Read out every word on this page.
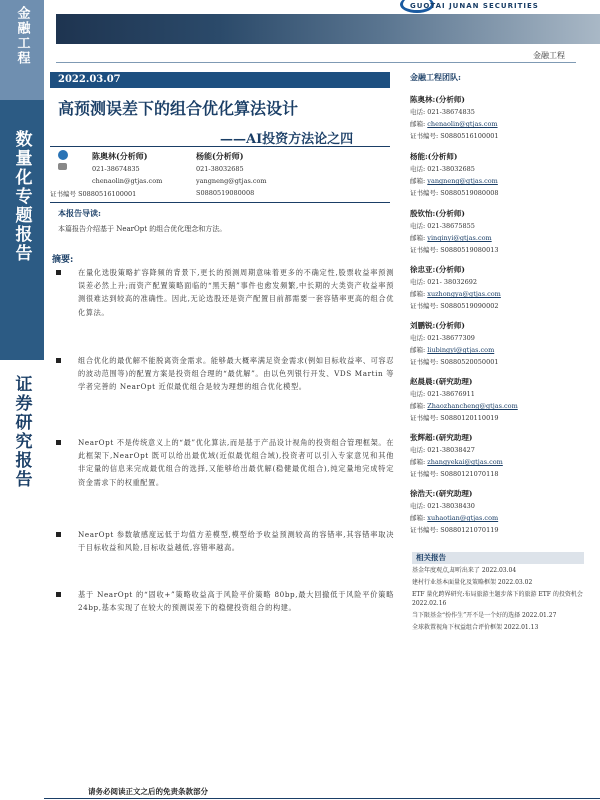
金融工程
数量化专题报告
证券研究报告
GUOTAI JUNAN SECURITIES
金融工程
2022.03.07
高预测误差下的组合优化算法设计
——AI投资方法论之四
陈奥林(分析师)
021-38674835
chenaolin@gtjas.com
证书编号 S0880516100001
杨能(分析师)
021-38032685
yangneng@gtjas.com
S0880519080008
本报告导读:
本篇报告介绍基于 NearOpt 的组合优化理念和方法。
摘要:
在量化选股策略扩容降频的背景下,更长的预测周期意味着更多的不确定性,股票收益率预测误差必然上升;而资产配置策略面临的“黑天鹅”事件也愈发频繁,中长期的大类资产收益率预测很难达到较高的准确性。因此,无论选股还是资产配置目前都需要一套容错率更高的组合优化算法。
组合优化的最优解不能脱离资金需求。能够最大概率满足资金需求(例如目标收益率、可容忍的波动范围等)的配置方案是投资组合理的“最优解”。由以色列银行开发、VDS Martin 等学者完善的 NearOpt 近似最优组合是较为理想的组合优化模型。
NearOpt 不是传统意义上的“最”优化算法,而是基于产品设计视角的投资组合管理框架。在此框架下,NearOpt 既可以给出最优域(近似最优组合域),投资者可以引入专家意见和其他非定量的信息来完成最优组合的选择,又能够给出最优解(稳健最优组合),纯定量地完成特定资金需求下的权重配置。
NearOpt 参数敏感度远低于均值方差模型,模型给予收益预测较高的容错率,其容错率取决于目标收益和风险,目标收益越低,容错率越高。
基于 NearOpt 的“固收+”策略收益高于风险平价策略 80bp,最大回撤低于风险平价策略 24bp,基本实现了在较大的预测误差下的稳健投资组合的构建。
金融工程团队:
陈奥林:(分析师)
电话: 021-38674835
邮箱: chenaolin@gtjas.com
证书编号: S0880516100001
杨能:(分析师)
电话: 021-38032685
邮箱: yangneng@gtjas.com
证书编号: S0880519080008
殷钦怡:(分析师)
电话: 021-38675855
邮箱: yinqinyi@gtjas.com
证书编号: S0880519080013
徐忠亚:(分析师)
电话: 021- 38032692
邮箱: xuzhongya@gtjas.com
证书编号: S0880519090002
刘鹏锐:(分析师)
电话: 021-38677309
邮箱: liubingyi@gtjas.com
证书编号: S0880520050001
赵晨晨:(研究助理)
电话: 021-38676911
邮箱: Zhaozhancheng@gtjas.com
证书编号: S0880120110019
张辉超:(研究助理)
电话: 021-38038427
邮箱: zhangyekai@gtjas.com
证书编号: S0880121070118
徐浩天:(研究助理)
电话: 021-38038430
邮箱: xuhaotian@gtjas.com
证书编号: S0880121070119
相关报告
基金年度观点,却听出来了 2022.03.04
建村行业基本面量化及策略框架 2022.03.02
ETF 量化跨界研究:布局旅游主题步落下的旅游 ETF 的投资机会 2022.02.16
当下限基金“扮作生”开不是一个好的选择 2022.01.27
全球救置视角下权益组合评价框架 2022.01.13
请务必阅读正文之后的免责条款部分
